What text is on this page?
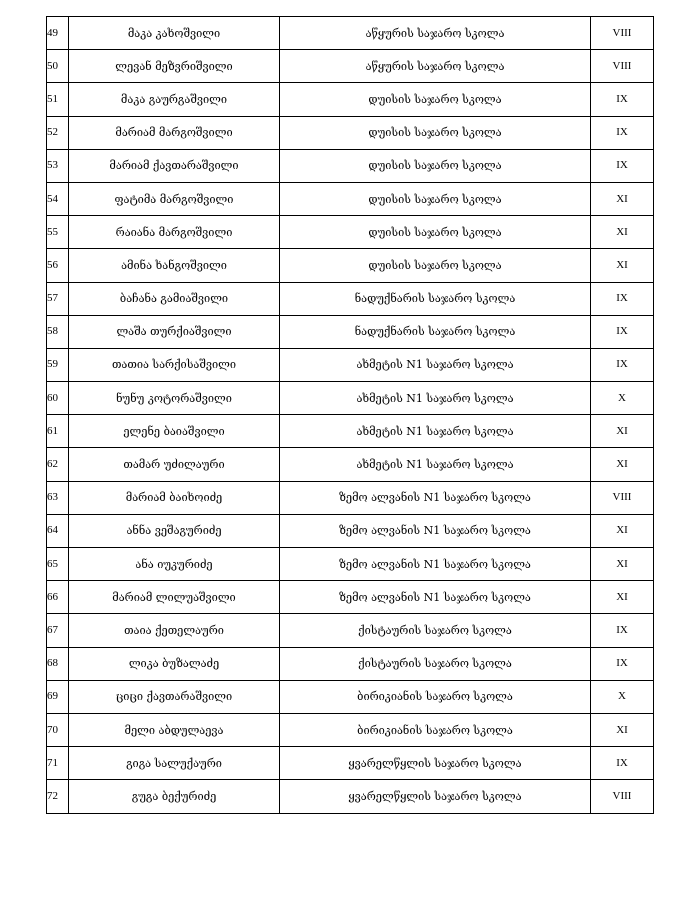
49	მაკა კახოშვილი	აწყურის საჯარო სკოლა	VIII
50	ლევან მეზვრიშვილი	აწყურის საჯარო სკოლა	VIII
51	მაკა გაურგაშვილი	დუისის საჯარო სკოლა	IX
52	მარიამ მარგოშვილი	დუისის საჯარო სკოლა	IX
53	მარიამ ქავთარაშვილი	დუისის საჯარო სკოლა	IX
54	ფატიმა მარგოშვილი	დუისის საჯარო სკოლა	XI
55	რაიანა მარგოშვილი	დუისის საჯარო სკოლა	XI
56	ამინა ხანგოშვილი	დუისის საჯარო სკოლა	XI
57	ბაჩანა გამიაშვილი	ნადუქნარის საჯარო სკოლა	IX
58	ლაშა თურქიაშვილი	ნადუქნარის საჯარო სკოლა	IX
59	თათია სარქისაშვილი	ახმეტის N1 საჯარო სკოლა	IX
60	ნუნუ კოტორაშვილი	ახმეტის N1 საჯარო სკოლა	X
61	ელენე ბაიაშვილი	ახმეტის N1 საჯარო სკოლა	XI
62	თამარ უძილაური	ახმეტის N1 საჯარო სკოლა	XI
63	მარიამ ბაიხოიძე	ზემო ალვანის N1 საჯარო სკოლა	VIII
64	ანნა ვეშაგურიძე	ზემო ალვანის N1 საჯარო სკოლა	XI
65	ანა იუკურიძე	ზემო ალვანის N1 საჯარო სკოლა	XI
66	მარიამ ლილუაშვილი	ზემო ალვანის N1 საჯარო სკოლა	XI
67	თაია ქეთელაური	ქისტაურის საჯარო სკოლა	IX
68	ლიკა ბუზალაძე	ქისტაურის საჯარო სკოლა	IX
69	ციცი ქავთარაშვილი	ბირიკიანის საჯარო სკოლა	X
70	მელი აბდულაევა	ბირიკიანის საჯარო სკოლა	XI
71	გიგა სალუქაური	ყვარელწყლის საჯარო სკოლა	IX
72	გუგა ბექურიძე	ყვარელწყლის საჯარო სკოლა	VIII
